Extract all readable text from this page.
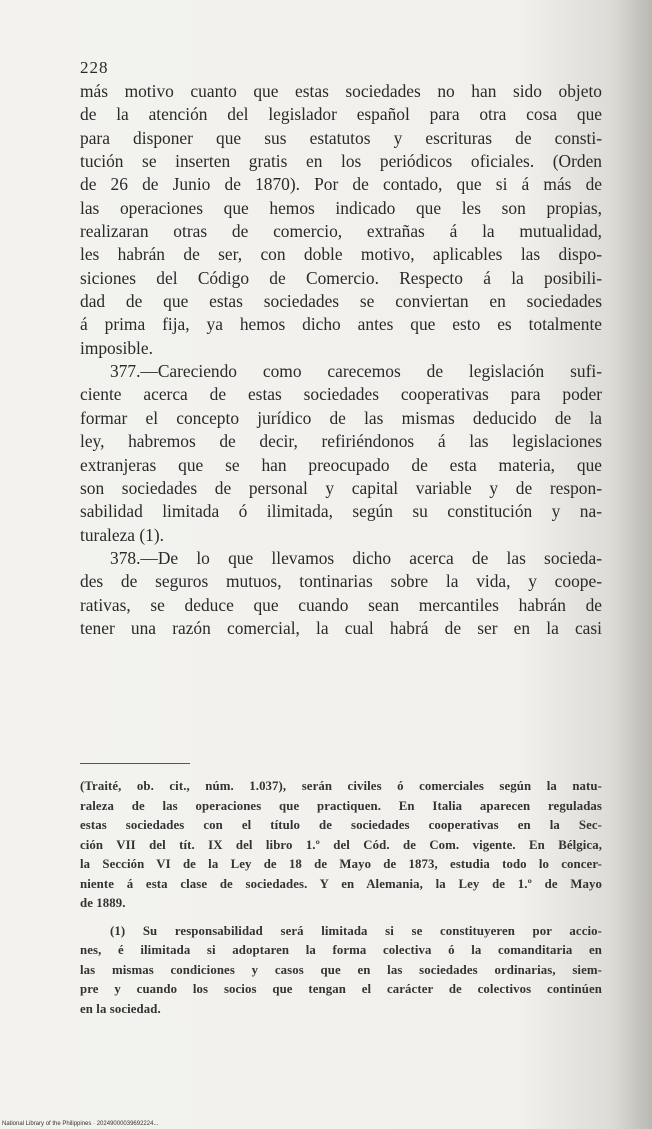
228
más motivo cuanto que estas sociedades no han sido objeto
de la atención del legislador español para otra cosa que
para disponer que sus estatutos y escrituras de consti-
tución se inserten gratis en los periódicos oficiales. (Orden
de 26 de Junio de 1870). Por de contado, que si á más de
las operaciones que hemos indicado que les son propias,
realizaran otras de comercio, extrañas á la mutualidad,
les habrán de ser, con doble motivo, aplicables las dispo-
siciones del Código de Comercio. Respecto á la posibili-
dad de que estas sociedades se conviertan en sociedades
á prima fija, ya hemos dicho antes que esto es totalmente
imposible.
377.—Careciendo como carecemos de legislación sufi-
ciente acerca de estas sociedades cooperativas para poder
formar el concepto jurídico de las mismas deducido de la
ley, habremos de decir, refiriéndonos á las legislaciones
extranjeras que se han preocupado de esta materia, que
son sociedades de personal y capital variable y de respon-
sabilidad limitada ó ilimitada, según su constitución y na-
turaleza (1).
378.—De lo que llevamos dicho acerca de las socieda-
des de seguros mutuos, tontinarias sobre la vida, y coope-
rativas, se deduce que cuando sean mercantiles habrán de
tener una razón comercial, la cual habrá de ser en la casi
(Traité, ob. cit., núm. 1.037), serán civiles ó comerciales según la natu-
raleza de las operaciones que practiquen. En Italia aparecen reguladas
estas sociedades con el título de sociedades cooperativas en la Sec-
ción VII del tít. IX del libro 1.º del Cód. de Com. vigente. En Bélgica,
la Sección VI de la Ley de 18 de Mayo de 1873, estudia todo lo concer-
niente á esta clase de sociedades. Y en Alemania, la Ley de 1.º de Mayo
de 1889.
(1) Su responsabilidad será limitada si se constituyeren por accio-
nes, é ilimitada si adoptaren la forma colectiva ó la comanditaria en
las mismas condiciones y casos que en las sociedades ordinarias, siem-
pre y cuando los socios que tengan el carácter de colectivos continúen
en la sociedad.
National Library of the Philippines · 20249000039692224...
